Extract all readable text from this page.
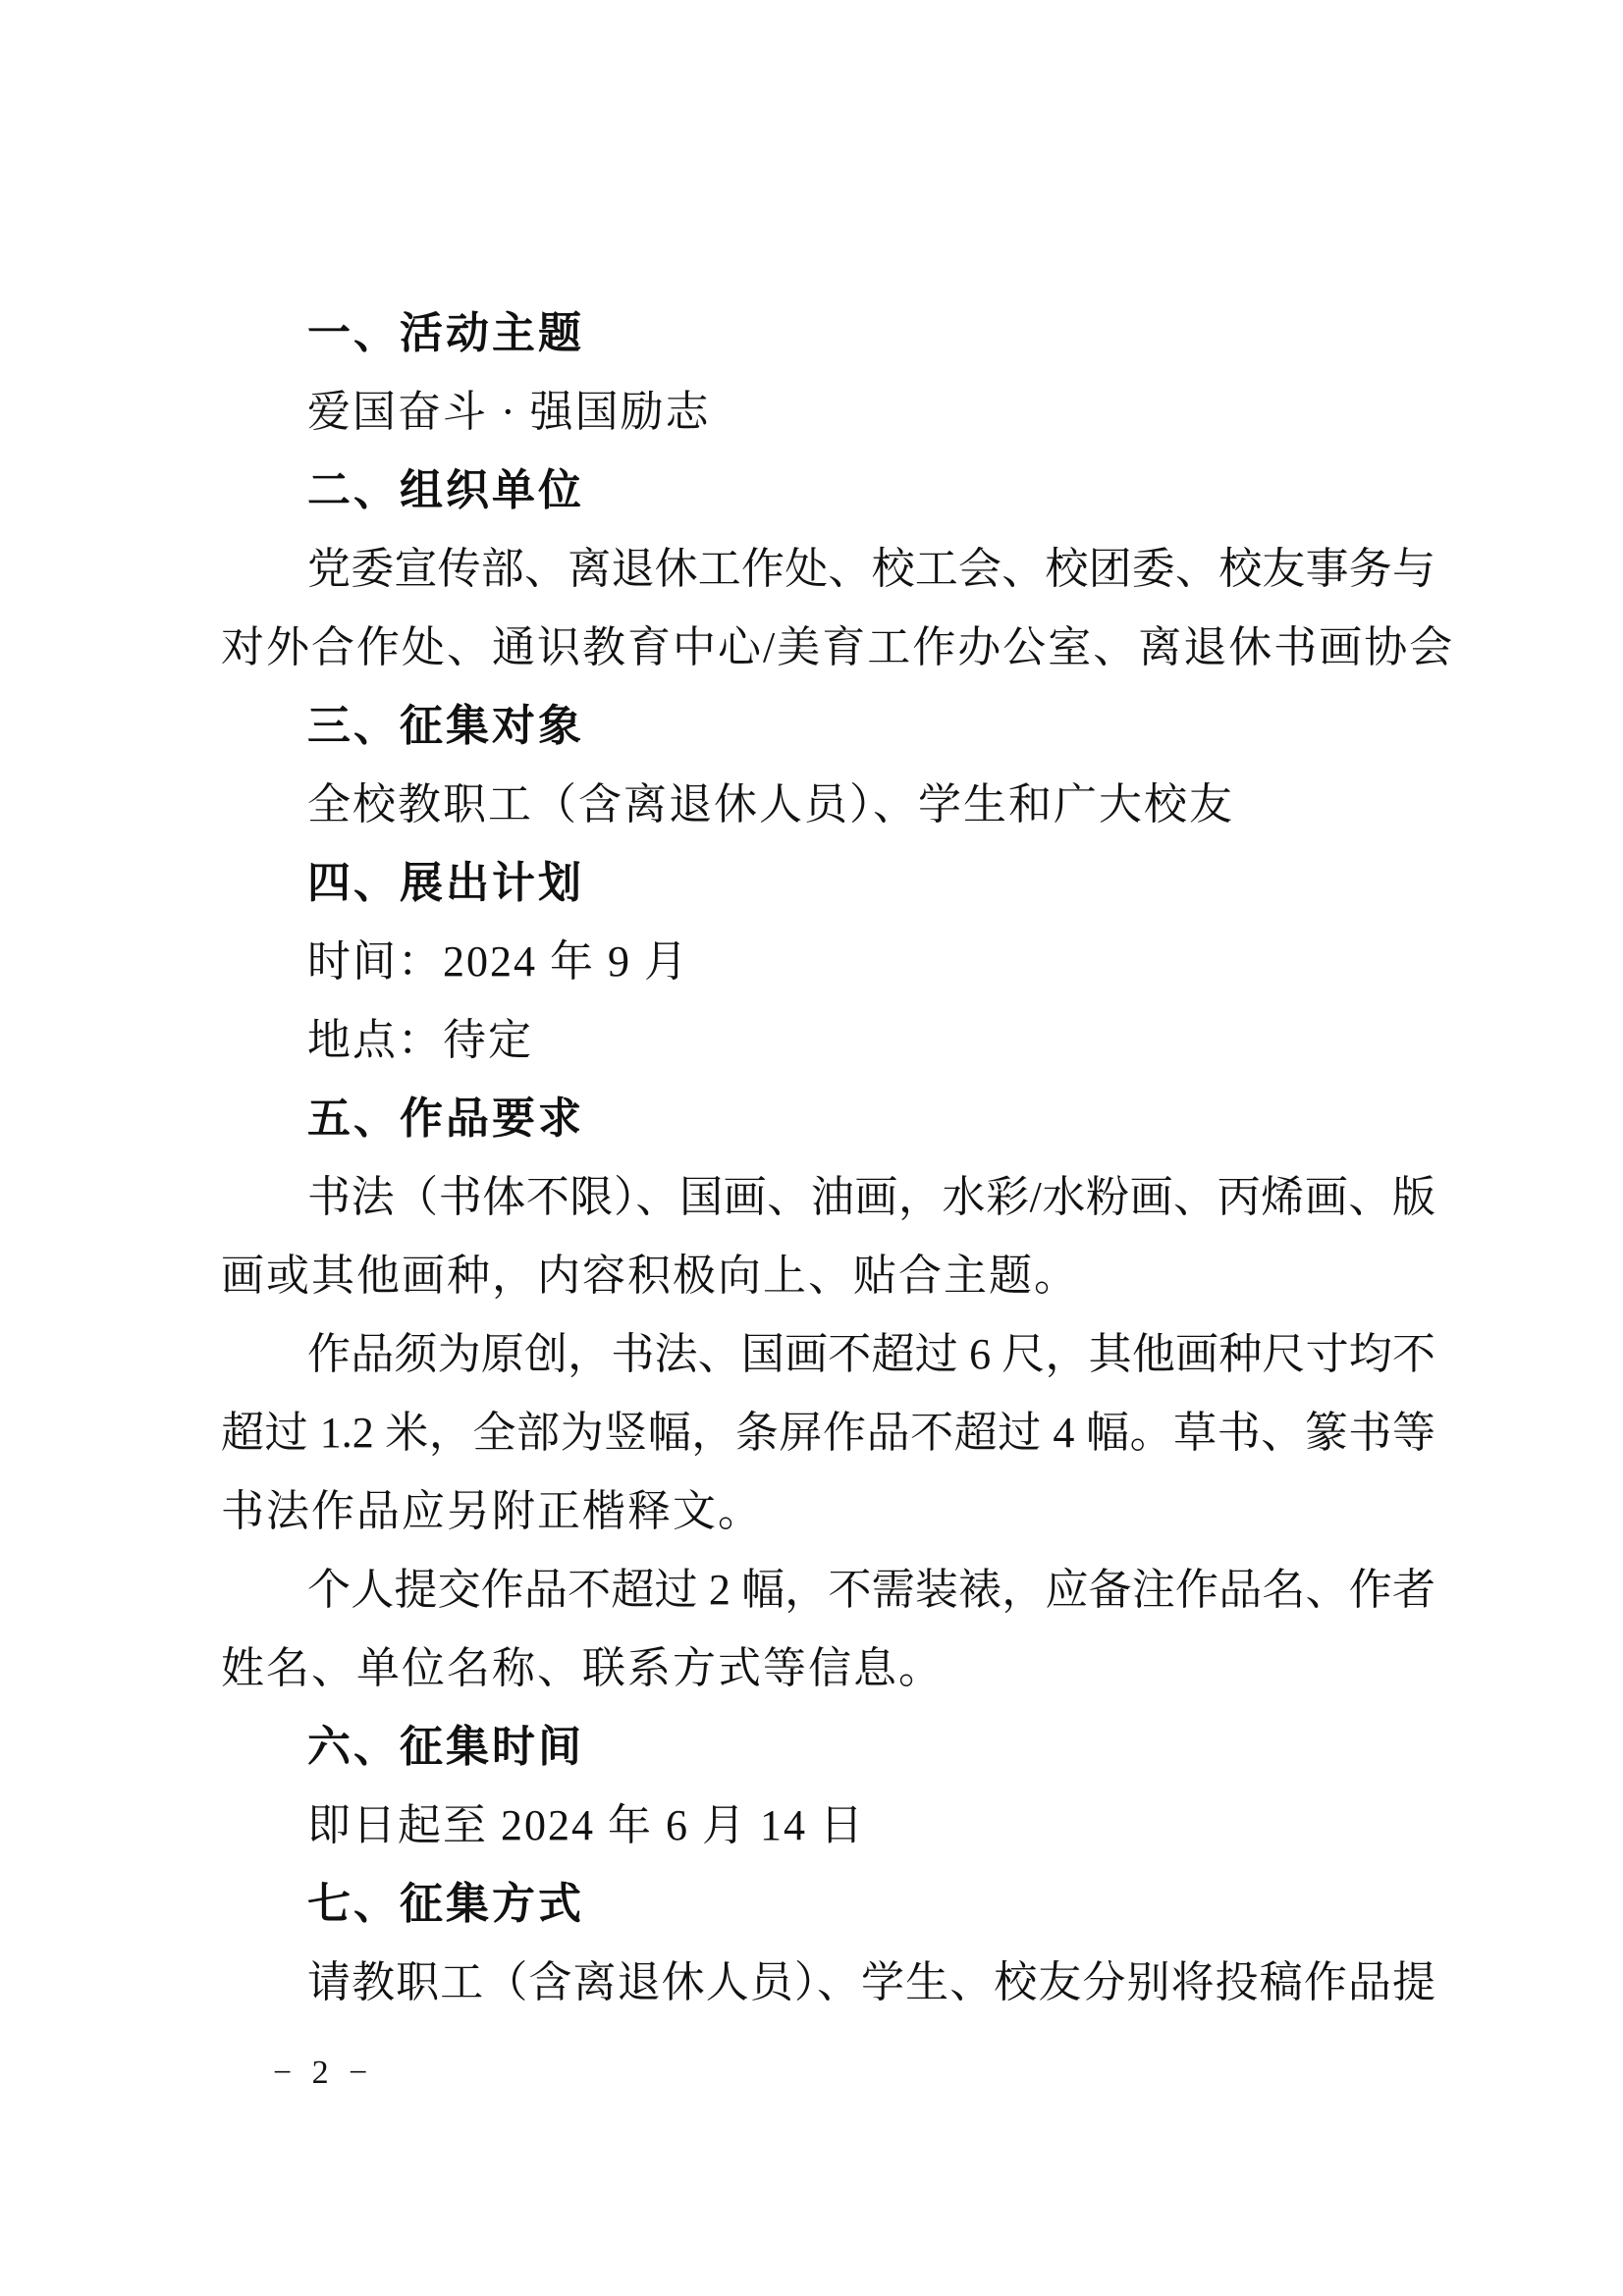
一、活动主题
爱国奋斗 · 强国励志
二、组织单位
党委宣传部、离退休工作处、校工会、校团委、校友事务与
对外合作处、通识教育中心/美育工作办公室、离退休书画协会
三、征集对象
全校教职工（含离退休人员）、学生和广大校友
四、展出计划
时间：2024 年 9 月
地点：待定
五、作品要求
书法（书体不限）、国画、油画，水彩/水粉画、丙烯画、版
画或其他画种，内容积极向上、贴合主题。
作品须为原创，书法、国画不超过 6 尺，其他画种尺寸均不
超过 1.2 米，全部为竖幅，条屏作品不超过 4 幅。草书、篆书等
书法作品应另附正楷释文。
个人提交作品不超过 2 幅，不需装裱，应备注作品名、作者
姓名、单位名称、联系方式等信息。
六、征集时间
即日起至 2024 年 6 月 14 日
七、征集方式
请教职工（含离退休人员）、学生、校友分别将投稿作品提
− 2 −
